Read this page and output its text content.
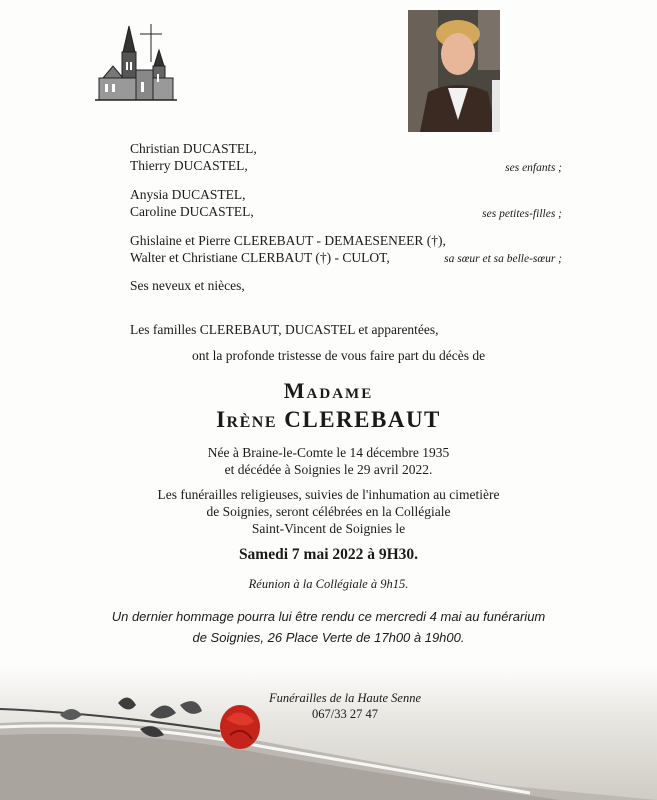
Christian DUCASTEL,
Thierry DUCASTEL,	ses enfants ;
Anysia DUCASTEL,
Caroline DUCASTEL,	ses petites-filles ;
Ghislaine et Pierre CLEREBAUT - DEMAESENEER (†),
Walter et Christiane CLERBAUT (†) - CULOT,	sa sœur et sa belle-sœur ;
Ses neveux et nièces,
Les familles CLEREBAUT, DUCASTEL et apparentées,
ont la profonde tristesse de vous faire part du décès de
Madame
Irène CLEREBAUT
Née à Braine-le-Comte le 14 décembre 1935
et décédée à Soignies le 29 avril 2022.
Les funérailles religieuses, suivies de l'inhumation au cimetière
de Soignies, seront célébrées en la Collégiale
Saint-Vincent de Soignies le
Samedi 7 mai 2022 à 9H30.
Réunion à la Collégiale à 9h15.
Un dernier hommage pourra lui être rendu ce mercredi 4 mai au funérarium
de Soignies, 26 Place Verte de 17h00 à 19h00.
Funérailles de la Haute Senne
067/33 27 47
